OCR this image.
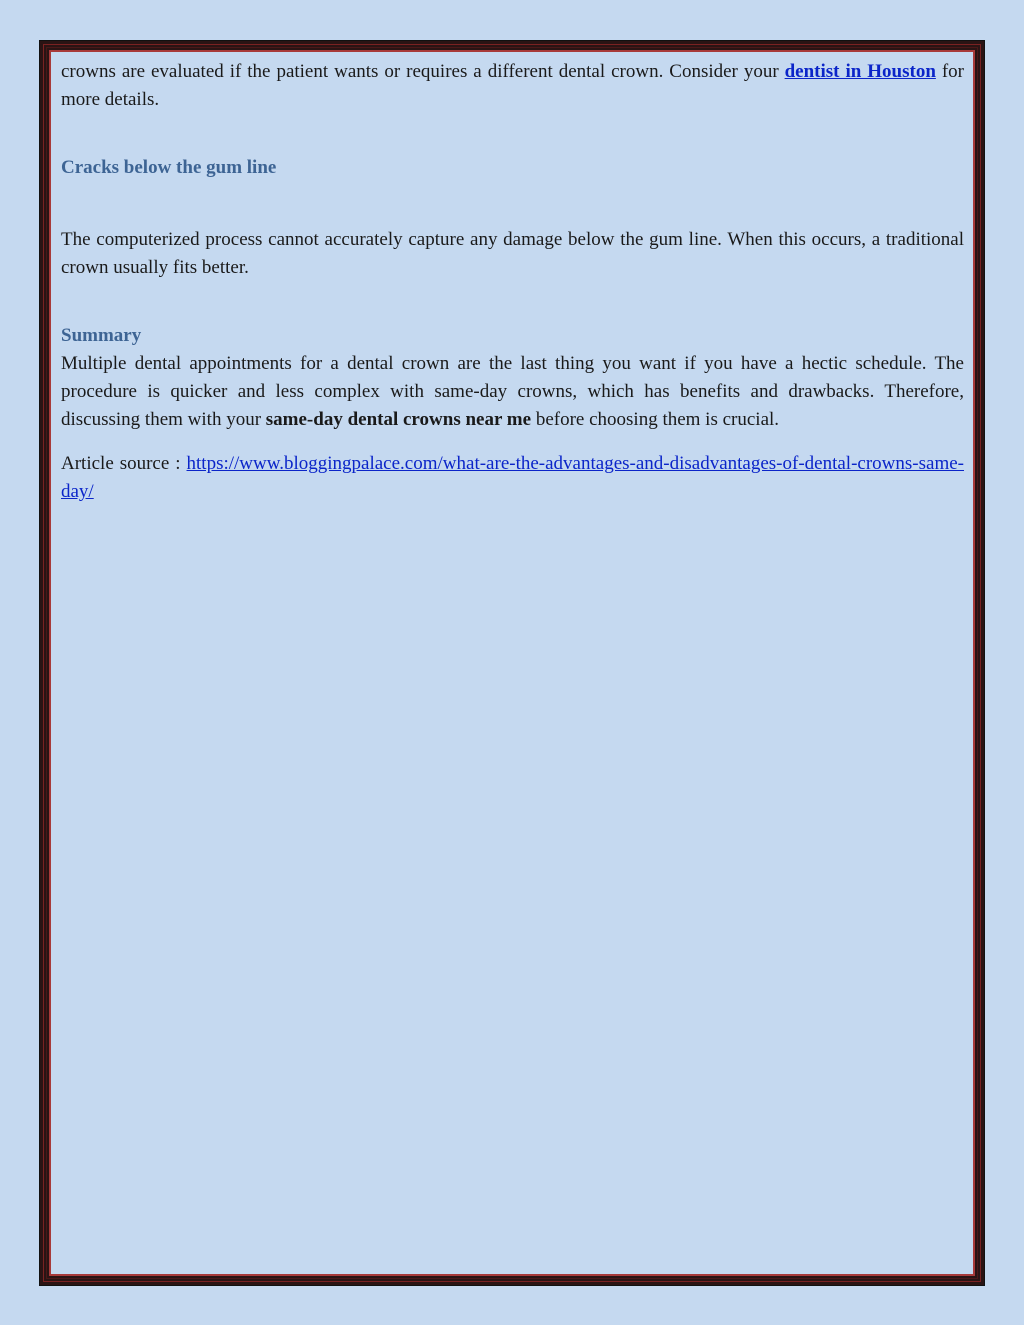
crowns are evaluated if the patient wants or requires a different dental crown. Consider your dentist in Houston for more details.

Cracks below the gum line

The computerized process cannot accurately capture any damage below the gum line. When this occurs, a traditional crown usually fits better.

Summary

Multiple dental appointments for a dental crown are the last thing you want if you have a hectic schedule. The procedure is quicker and less complex with same-day crowns, which has benefits and drawbacks. Therefore, discussing them with your same-day dental crowns near me before choosing them is crucial.

Article source : https://www.bloggingpalace.com/what-are-the-advantages-and-disadvantages-of-dental-crowns-same-day/
